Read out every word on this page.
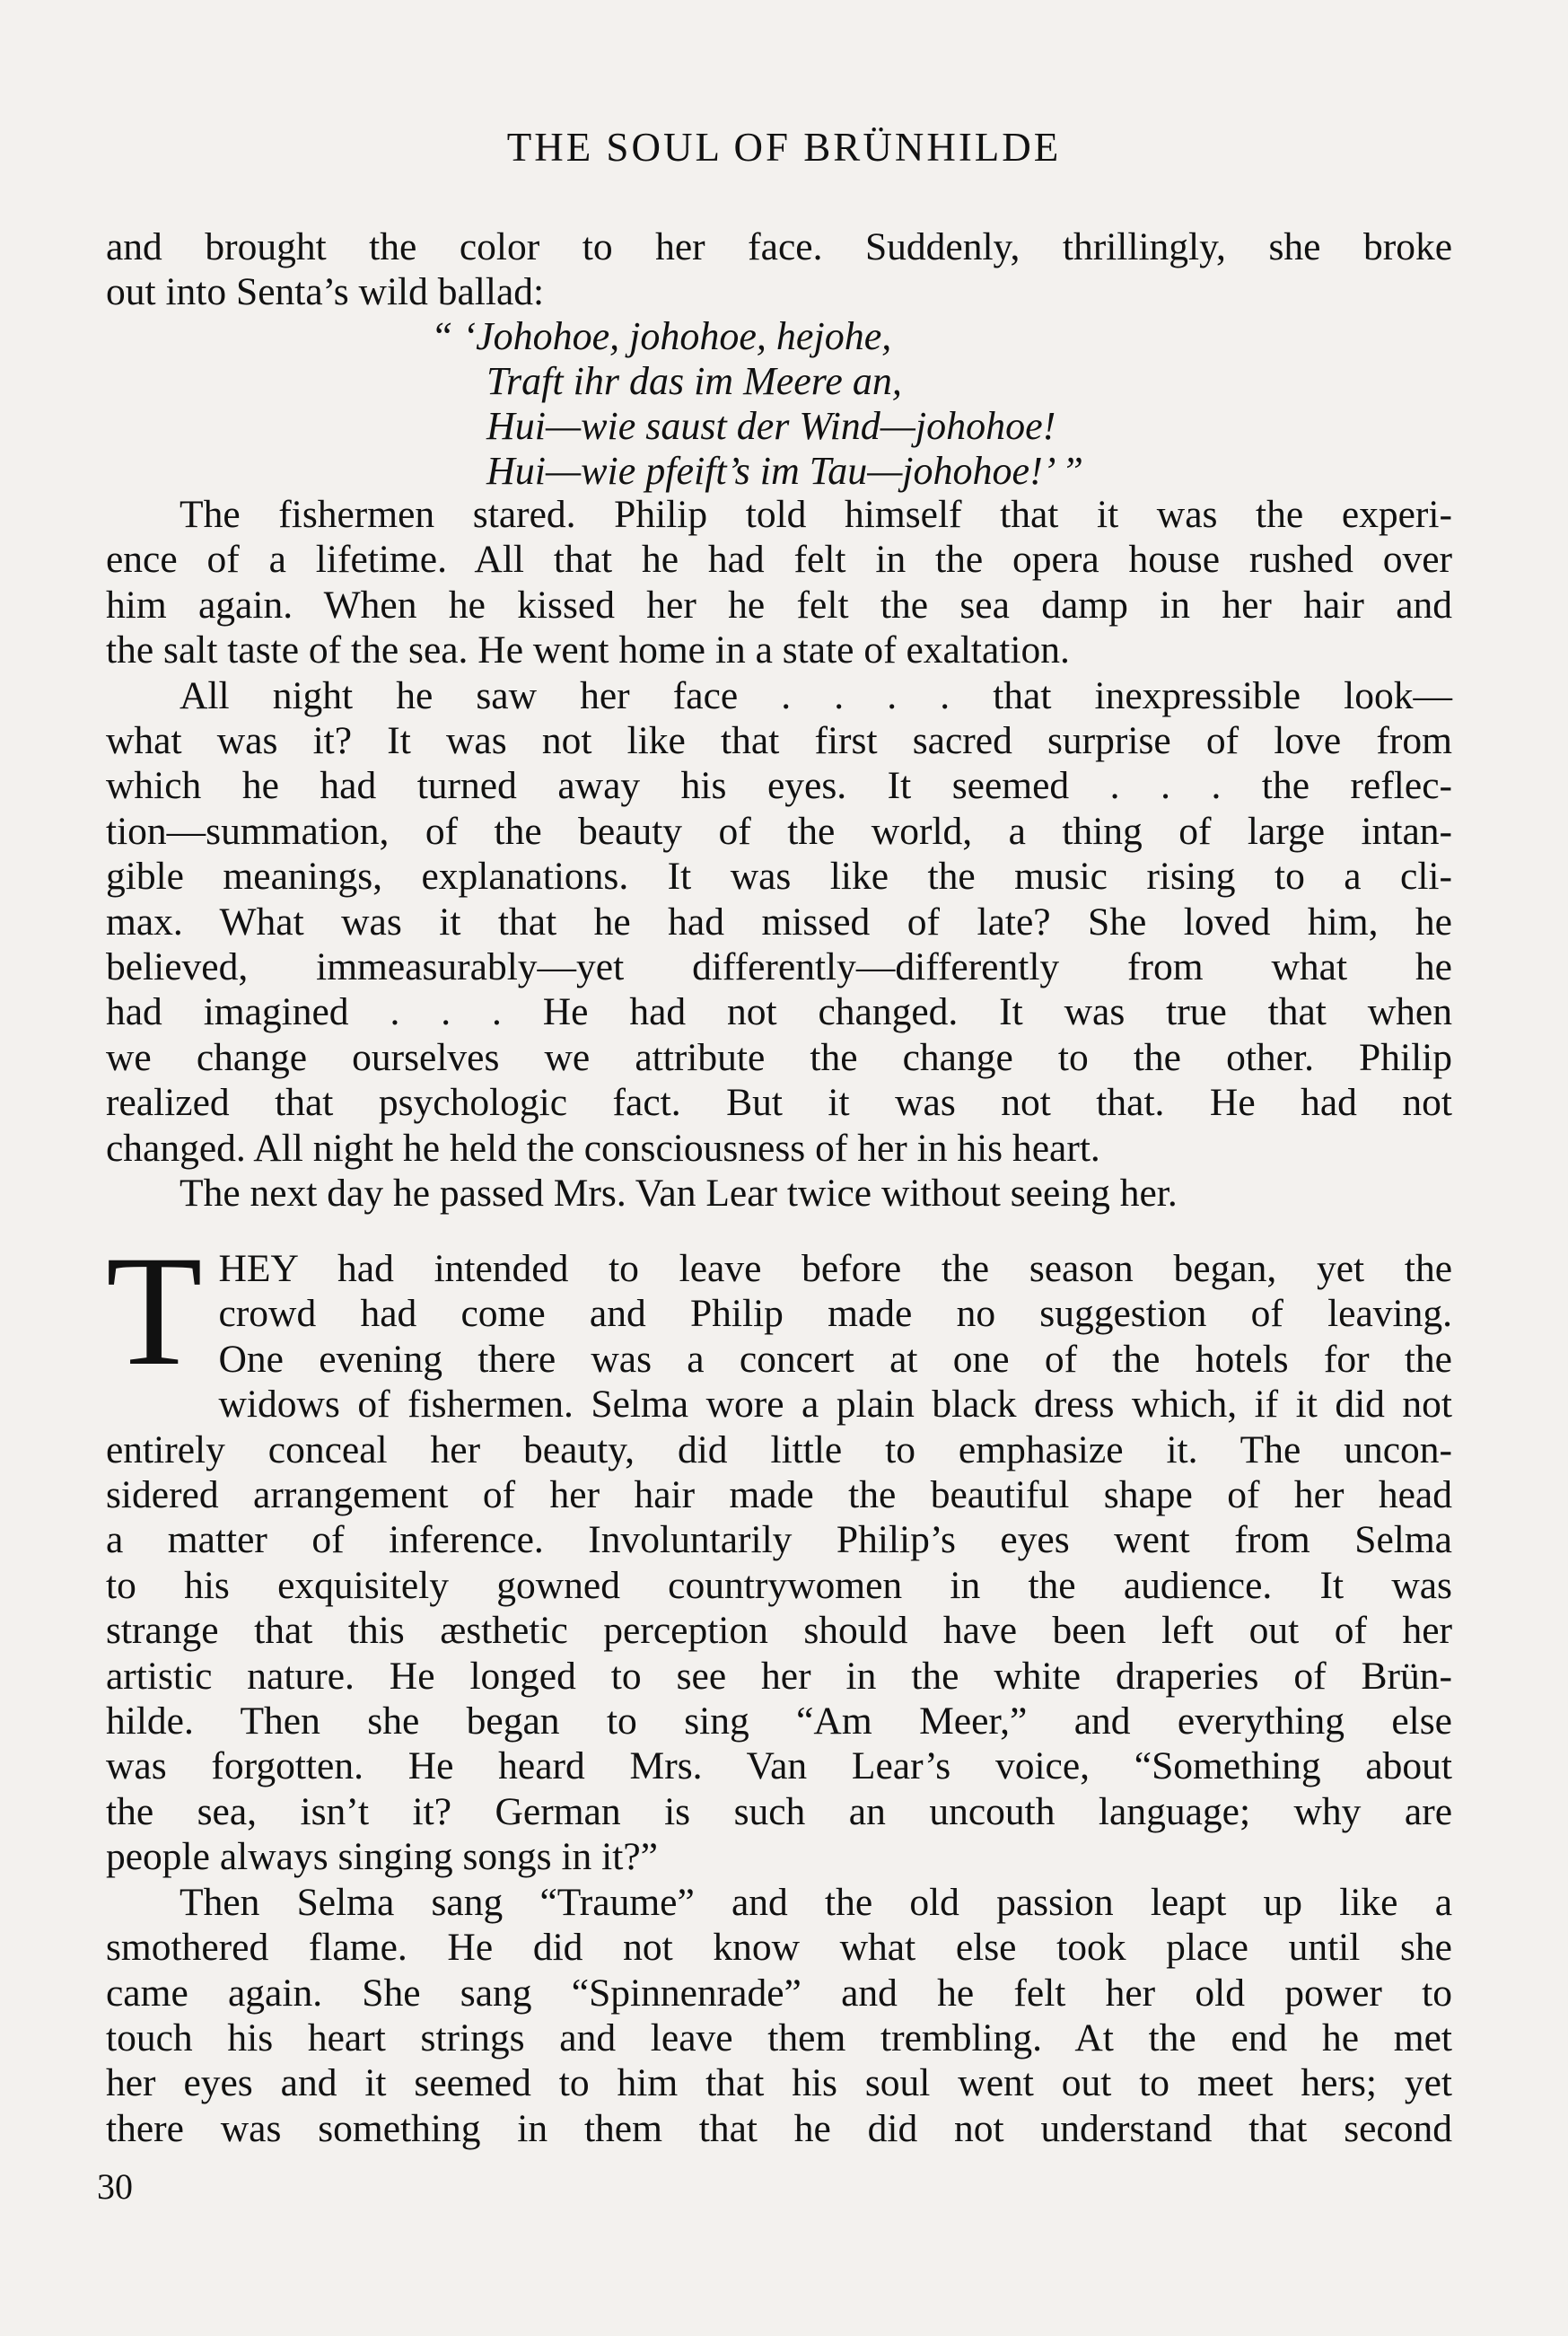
THE SOUL OF BRÜNHILDE
and brought the color to her face. Suddenly, thrillingly, she broke
out into Senta’s wild ballad:
“ ‘Johohoe, johohoe, hejohe,
Traft ihr das im Meere an,
Hui—wie saust der Wind—johohoe!
Hui—wie pfeift’s im Tau—johohoe!’ ”
The fishermen stared. Philip told himself that it was the experi-
ence of a lifetime. All that he had felt in the opera house rushed over
him again. When he kissed her he felt the sea damp in her hair and
the salt taste of the sea. He went home in a state of exaltation.
All night he saw her face . . . . that inexpressible look—
what was it? It was not like that first sacred surprise of love from
which he had turned away his eyes. It seemed . . . the reflec-
tion—summation, of the beauty of the world, a thing of large intan-
gible meanings, explanations. It was like the music rising to a cli-
max. What was it that he had missed of late? She loved him, he
believed, immeasurably—yet differently—differently from what he
had imagined . . . He had not changed. It was true that when
we change ourselves we attribute the change to the other. Philip
realized that psychologic fact. But it was not that. He had not
changed. All night he held the consciousness of her in his heart.
The next day he passed Mrs. Van Lear twice without seeing her.
T HEY had intended to leave before the season began, yet the
crowd had come and Philip made no suggestion of leaving.
One evening there was a concert at one of the hotels for the
widows of fishermen. Selma wore a plain black dress which, if it did not
entirely conceal her beauty, did little to emphasize it. The uncon-
sidered arrangement of her hair made the beautiful shape of her head
a matter of inference. Involuntarily Philip’s eyes went from Selma
to his exquisitely gowned countrywomen in the audience. It was
strange that this æsthetic perception should have been left out of her
artistic nature. He longed to see her in the white draperies of Brün-
hilde. Then she began to sing “Am Meer,” and everything else
was forgotten. He heard Mrs. Van Lear’s voice, “Something about
the sea, isn’t it? German is such an uncouth language; why are
people always singing songs in it?”
Then Selma sang “Traume” and the old passion leapt up like a
smothered flame. He did not know what else took place until she
came again. She sang “Spinnenrade” and he felt her old power to
touch his heart strings and leave them trembling. At the end he met
her eyes and it seemed to him that his soul went out to meet hers; yet
there was something in them that he did not understand that second
30
